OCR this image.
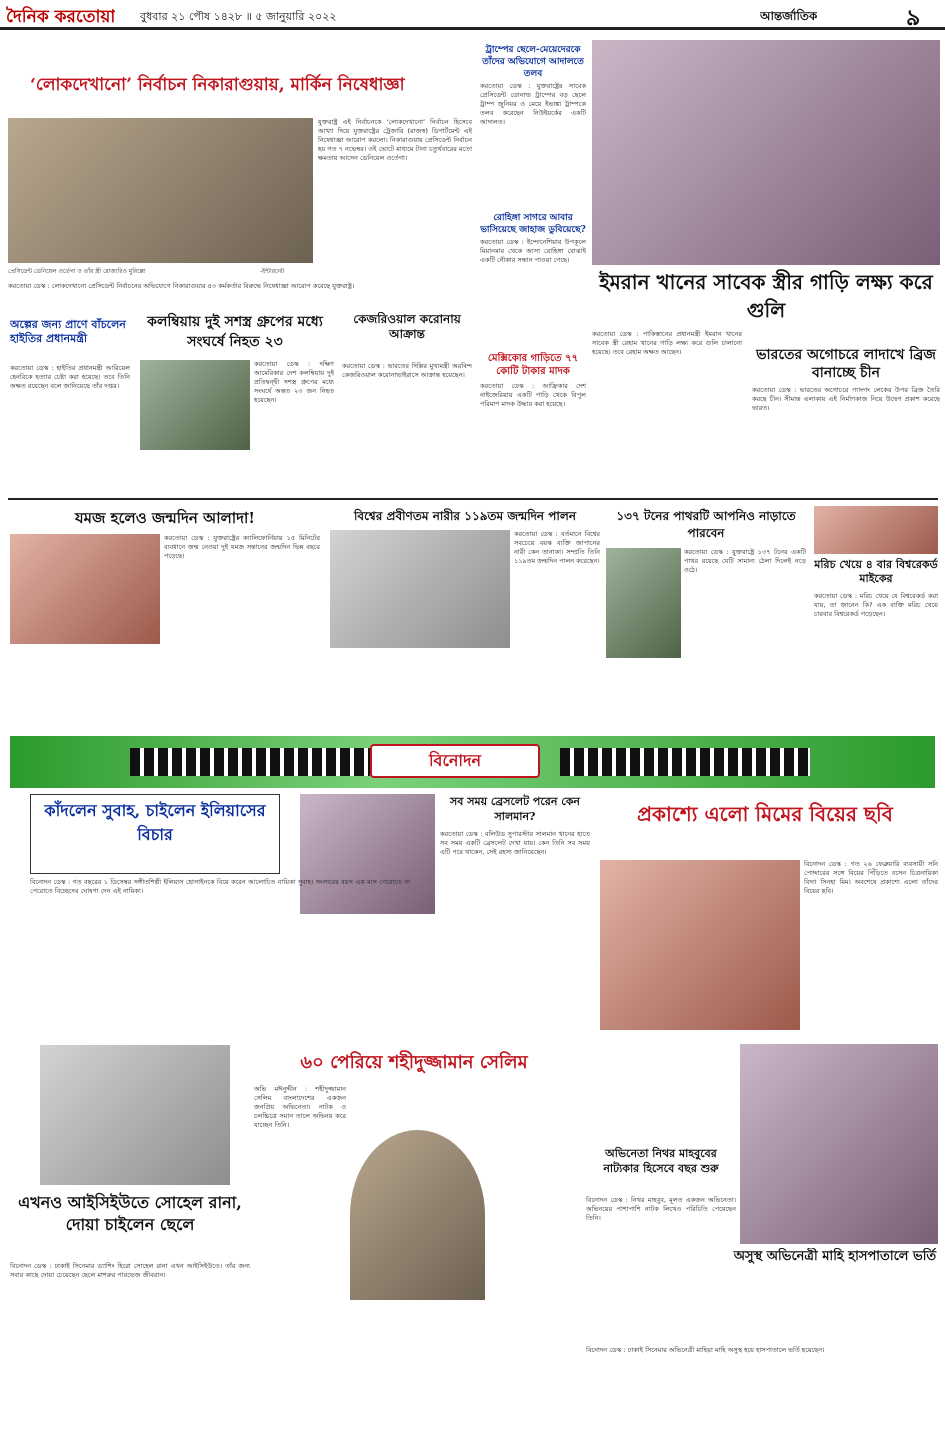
দৈনিক করতোয়া বুধবার ২১ পৌষ ১৪২৮ ॥ ৫ জানুয়ারি ২০২২	আন্তর্জাতিক	৯
‘লোকদেখানো’ নির্বাচন নিকারাগুয়ায়, মার্কিন নিষেধাজ্ঞা
প্রেসিডেন্ট ডেনিয়েল ওর্তেগা ও তাঁর স্ত্রী রোজারিও মুরিল্লো	-ইন্টারনেট
যুক্তরাষ্ট্র এই নির্বাচনকে ‘লোকদেখানো’ নির্বাচন হিসেবে আখ্যা দিয়ে যুক্তরাষ্ট্রের ট্রেজারি (রাজস্ব) ডিপার্টমেন্ট এই নিষেধাজ্ঞা আরোপ করলো। নিকারাগুয়ায় প্রেসিডেন্ট নির্বাচন হয় গত ৭ নভেম্বর। ওই ভোটে মাধ্যমে টানা চতুর্থবারের মতো ক্ষমতায় আসেন ডেনিয়েল ওর্তেগা।
করতোয়া ডেস্ক : লোকদেখানো প্রেসিডেন্ট নির্বাচনের অভিযোগে নিকারাগুয়ার ৪৩ কর্মকর্তার বিরুদ্ধে নিষেধাজ্ঞা আরোপ করেছে যুক্তরাষ্ট্র।
ট্রাম্পের ছেলে-মেয়েদেরকে তাঁদের অভিযোগে আদালতে তলব
করতোয়া ডেস্ক : যুক্তরাষ্ট্রের সাবেক প্রেসিডেন্ট ডোনাল্ড ট্রাম্পের বড় ছেলে ট্রাম্প জুনিয়র ও মেয়ে ইভাঙ্কা ট্রাম্পকে তলব করেছেন নিউইয়র্কের একটি আদালত।
রোহিঙ্গা সাগরে আবার ভাসিয়েছে জাহাজ ডুবিয়েছে?
করতোয়া ডেস্ক : ইন্দোনেশিয়ার উপকূলে মিয়ানমার থেকে আসা রোহিঙ্গা বোঝাই একটি নৌকার সন্ধান পাওয়া গেছে।
মেক্সিকোর গাড়িতে ৭৭ কোটি টাকার মাদক
করতোয়া ডেস্ক : আফ্রিকার দেশ নাইজেরিয়ায় একটি গাড়ি থেকে বিপুল পরিমাণ মাদক উদ্ধার করা হয়েছে।
ইমরান খানের সাবেক স্ত্রীর গাড়ি লক্ষ্য করে গুলি
করতোয়া ডেস্ক : পাকিস্তানের প্রধানমন্ত্রী ইমরান খানের সাবেক স্ত্রী রেহাম খানের গাড়ি লক্ষ্য করে গুলি চালানো হয়েছে। তবে রেহাম অক্ষত আছেন।	ভারতের অগোচরে লাদাখে ব্রিজ বানাচ্ছে চীন
করতোয়া ডেস্ক : ভারতের অগোচরে প্যাংগং লেকের উপর ব্রিজ তৈরি করছে চীন। সীমান্ত এলাকায় এই নির্মাণকাজ নিয়ে উদ্বেগ প্রকাশ করেছে ভারত।
অল্পের জন্য প্রাণে বাঁচলেন হাইতির প্রধানমন্ত্রী
করতোয়া ডেস্ক : হাইতির প্রধানমন্ত্রী আরিয়েল হেনরিকে হত্যার চেষ্টা করা হয়েছে। তবে তিনি অক্ষত রয়েছেন বলে জানিয়েছে তাঁর দপ্তর।
কলম্বিয়ায় দুই সশস্ত্র গ্রুপের মধ্যে সংঘর্ষে নিহত ২৩
করতোয়া ডেস্ক : দক্ষিণ আমেরিকার দেশ কলম্বিয়ায় দুই প্রতিদ্বন্দ্বী সশস্ত্র গ্রুপের মধ্যে সংঘর্ষে অন্তত ২৩ জন নিহত হয়েছেন।
কেজরিওয়াল করোনায় আক্রান্ত
করতোয়া ডেস্ক : ভারতের দিল্লির মুখ্যমন্ত্রী অরবিন্দ কেজরিওয়াল করোনাভাইরাসে আক্রান্ত হয়েছেন।
যমজ হলেও জন্মদিন আলাদা!
করতোয়া ডেস্ক : যুক্তরাষ্ট্রের ক্যালিফোর্নিয়ায় ১৫ মিনিটের ব্যবধানে জন্ম নেওয়া দুই যমজ সন্তানের জন্মদিন ভিন্ন বছরে পড়েছে।
বিশ্বের প্রবীণতম নারীর ১১৯তম জন্মদিন পালন
করতোয়া ডেস্ক : বর্তমানে বিশ্বের সবচেয়ে বয়স্ক ব্যক্তি জাপানের নারী কেন তানাকা। সম্প্রতি তিনি ১১৯তম জন্মদিন পালন করেছেন।
১৩৭ টনের পাথরটি আপনিও নাড়াতে পারবেন
করতোয়া ডেস্ক : যুক্তরাষ্ট্রে ১৩৭ টনের একটি পাথর রয়েছে যেটি সামান্য ঠেলা দিলেই নড়ে ওঠে।	মরিচ খেয়ে ৪ বার বিশ্বরেকর্ড মাইকের
করতোয়া ডেস্ক : মরিচ খেয়ে যে বিশ্বরেকর্ড করা যায়, তা জানেন কি? এক ব্যক্তি মরিচ খেয়ে চারবার বিশ্বরেকর্ড গড়েছেন।
বিনোদন
কাঁদলেন সুবাহ, চাইলেন ইলিয়াসের বিচার
বিনোদন ডেস্ক : গত বছরের ১ ডিসেম্বর সঙ্গীতশিল্পী ইলিয়াস হোসাইনকে বিয়ে করেন আলোচিত নায়িকা সুবাহ। সংসারের বয়স এক মাস পেরোতে না পেরোতে বিচ্ছেদের ঘোষণা দেন এই নায়িকা।
সব সময় ব্রেসলেট পরেন কেন সালমান?
করতোয়া ডেস্ক : বলিউড সুপারস্টার সালমান খানের হাতে সব সময় একটি ব্রেসলেট দেখা যায়। কেন তিনি সব সময় এটি পরে থাকেন, সেই রহস্য জানিয়েছেন।
প্রকাশ্যে এলো মিমের বিয়ের ছবি
বিনোদন ডেস্ক : গত ২৬ ফেব্রুয়ারি ব্যবসায়ী সনি পোদ্দারের সঙ্গে বিয়ের পিঁড়িতে বসেন চিত্রনায়িকা বিদ্যা সিনহা মিম। অবশেষে প্রকাশ্যে এলো তাঁদের বিয়ের ছবি।
এখনও আইসিইউতে সোহেল রানা, দোয়া চাইলেন ছেলে
বিনোদন ডেস্ক : ঢাকাই সিনেমার ড্যাশিং হিরো সোহেল রানা এখন আইসিইউতে। তাঁর জন্য সবার কাছে দোয়া চেয়েছেন ছেলে মাশরুর পারভেজ জীবরান।
৬০ পেরিয়ে শহীদুজ্জামান সেলিম
অভি মঈনুদ্দীন : শহীদুজ্জামান সেলিম বাংলাদেশের একজন জনপ্রিয় অভিনেতা। নাটক ও চলচ্চিত্রে সমান তালে অভিনয় করে যাচ্ছেন তিনি।
অভিনেতা নিথর মাহবুবের নাট্যকার হিসেবে বছর শুরু
বিনোদন ডেস্ক : নিথর মাহবুব, মূলত একজন অভিনেতা। অভিনয়ের পাশাপাশি নাটক লিখেও পরিচিতি পেয়েছেন তিনি।
অসুস্থ অভিনেত্রী মাহি হাসপাতালে ভর্তি
বিনোদন ডেস্ক : ঢাকাই সিনেমার অভিনেত্রী মাহিয়া মাহি অসুস্থ হয়ে হাসপাতালে ভর্তি হয়েছেন।
